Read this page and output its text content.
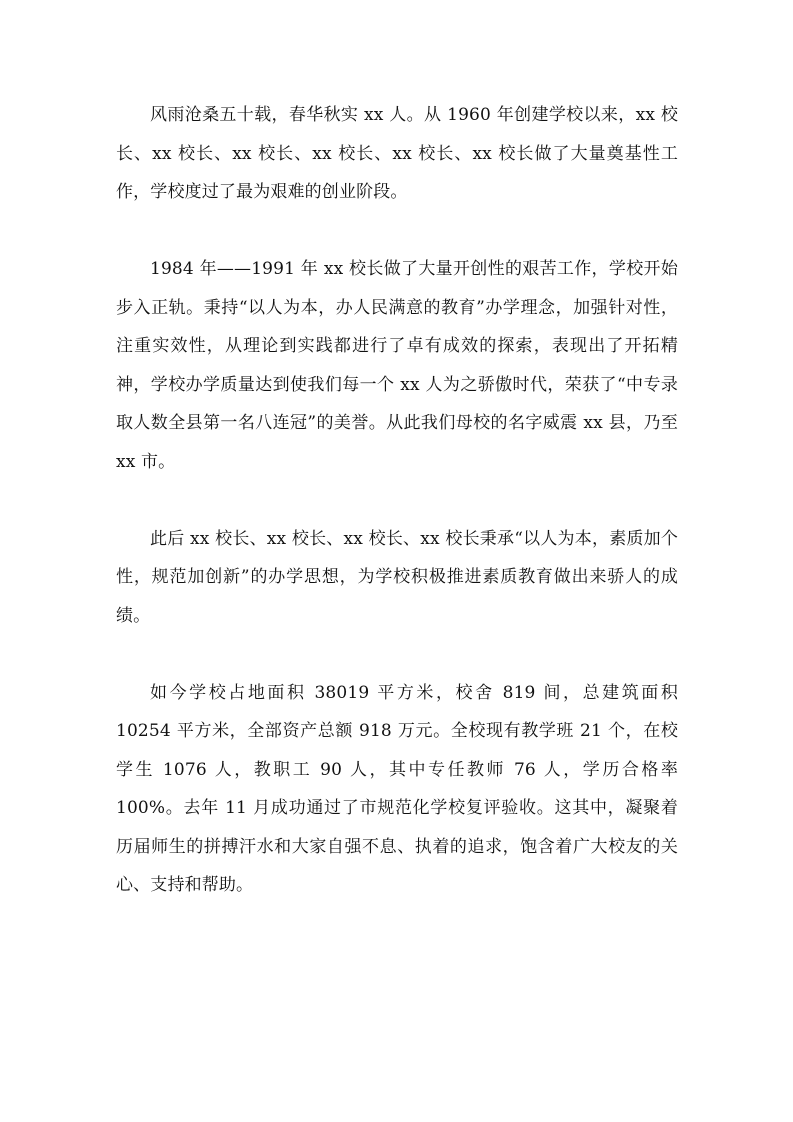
风雨沧桑五十载，春华秋实 xx 人。从 1960 年创建学校以来，xx 校长、xx 校长、xx 校长、xx 校长、xx 校长、xx 校长做了大量奠基性工作，学校度过了最为艰难的创业阶段。

1984 年——1991 年 xx 校长做了大量开创性的艰苦工作，学校开始步入正轨。秉持“以人为本，办人民满意的教育”办学理念，加强针对性，注重实效性，从理论到实践都进行了卓有成效的探索，表现出了开拓精神，学校办学质量达到使我们每一个 xx 人为之骄傲时代，荣获了“中专录取人数全县第一名八连冠”的美誉。从此我们母校的名字威震 xx 县，乃至 xx 市。

此后 xx 校长、xx 校长、xx 校长、xx 校长秉承“以人为本，素质加个性，规范加创新”的办学思想，为学校积极推进素质教育做出来骄人的成绩。

如今学校占地面积 38019 平方米，校舍 819 间，总建筑面积 10254 平方米，全部资产总额 918 万元。全校现有教学班 21 个，在校学生 1076 人，教职工 90 人，其中专任教师 76 人，学历合格率 100%。去年 11 月成功通过了市规范化学校复评验收。这其中，凝聚着历届师生的拼搏汗水和大家自强不息、执着的追求，饱含着广大校友的关心、支持和帮助。
